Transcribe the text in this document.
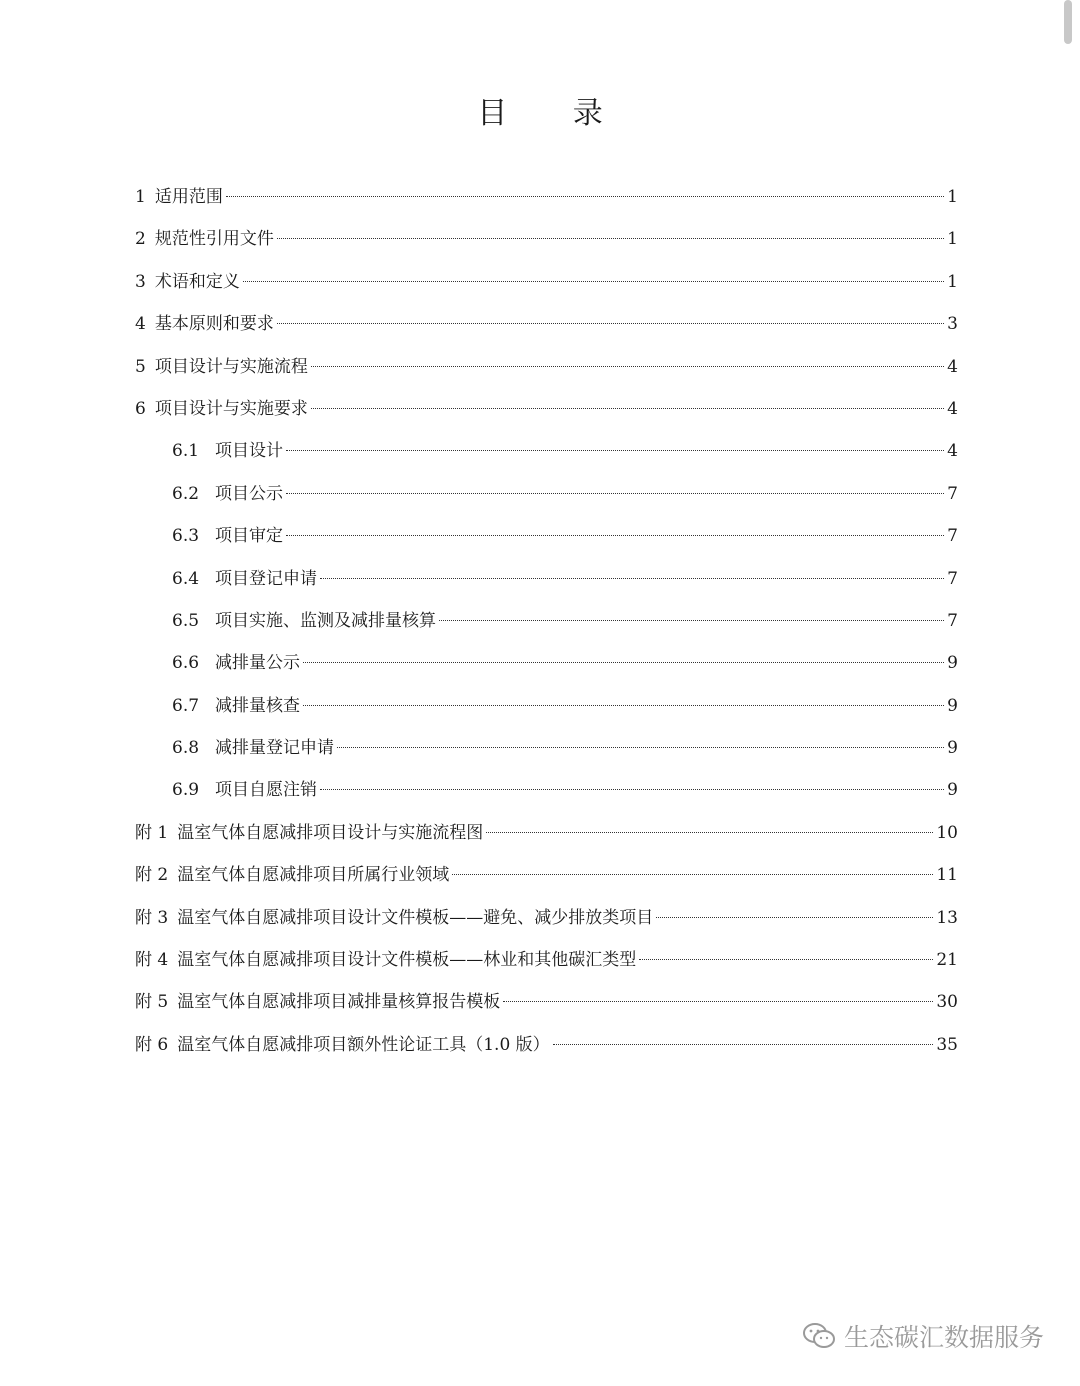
目 录
1 适用范围	1
2 规范性引用文件	1
3 术语和定义	1
4 基本原则和要求	3
5 项目设计与实施流程	4
6 项目设计与实施要求	4
6.1 项目设计	4
6.2 项目公示	7
6.3 项目审定	7
6.4 项目登记申请	7
6.5 项目实施、监测及减排量核算	7
6.6 减排量公示	9
6.7 减排量核查	9
6.8 减排量登记申请	9
6.9 项目自愿注销	9
附 1 温室气体自愿减排项目设计与实施流程图	10
附 2 温室气体自愿减排项目所属行业领域	11
附 3 温室气体自愿减排项目设计文件模板——避免、减少排放类项目	13
附 4 温室气体自愿减排项目设计文件模板——林业和其他碳汇类型	21
附 5 温室气体自愿减排项目减排量核算报告模板	30
附 6 温室气体自愿减排项目额外性论证工具（1.0 版）	35
生态碳汇数据服务
